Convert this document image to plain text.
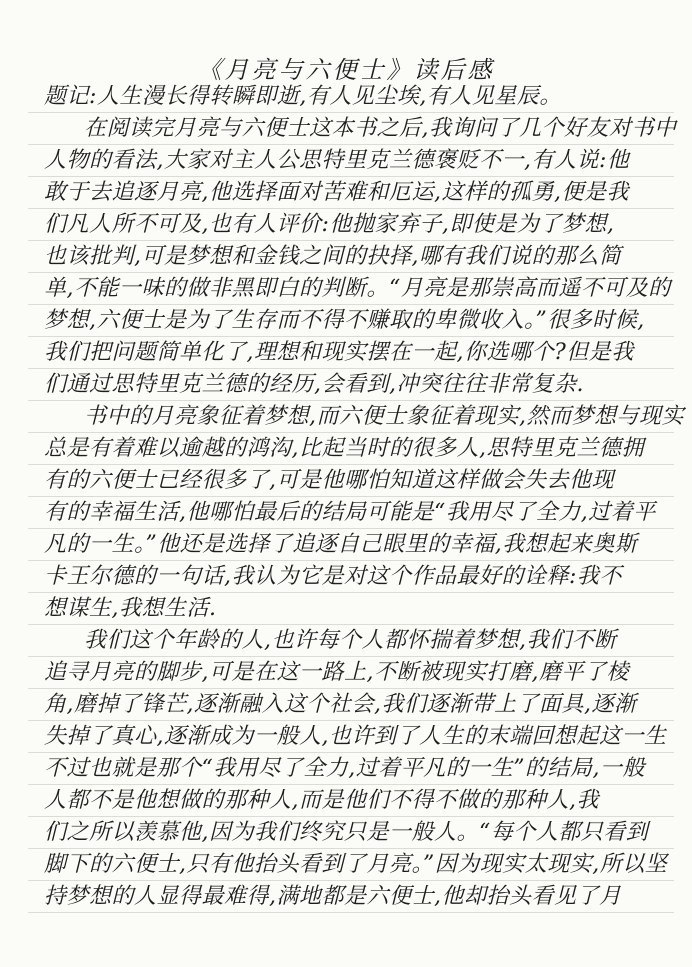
《月亮与六便士》读后感
题记:人生漫长得转瞬即逝,有人见尘埃,有人见星辰。
在阅读完月亮与六便士这本书之后,我询问了几个好友对书中
人物的看法,大家对主人公思特里克兰德褒贬不一,有人说:他
敢于去追逐月亮,他选择面对苦难和厄运,这样的孤勇,便是我
们凡人所不可及,也有人评价:他抛家弃子,即使是为了梦想,
也该批判,可是梦想和金钱之间的抉择,哪有我们说的那么简
单,不能一味的做非黑即白的判断。“月亮是那崇高而遥不可及的
梦想,六便士是为了生存而不得不赚取的卑微收入。”很多时候,
我们把问题简单化了,理想和现实摆在一起,你选哪个?但是我
们通过思特里克兰德的经历,会看到,冲突往往非常复杂.
书中的月亮象征着梦想,而六便士象征着现实,然而梦想与现实
总是有着难以逾越的鸿沟,比起当时的很多人,思特里克兰德拥
有的六便士已经很多了,可是他哪怕知道这样做会失去他现
有的幸福生活,他哪怕最后的结局可能是“我用尽了全力,过着平
凡的一生。”他还是选择了追逐自己眼里的幸福,我想起来奥斯
卡王尔德的一句话,我认为它是对这个作品最好的诠释:我不
想谋生,我想生活.
我们这个年龄的人,也许每个人都怀揣着梦想,我们不断
追寻月亮的脚步,可是在这一路上,不断被现实打磨,磨平了棱
角,磨掉了锋芒,逐渐融入这个社会,我们逐渐带上了面具,逐渐
失掉了真心,逐渐成为一般人,也许到了人生的末端回想起这一生
不过也就是那个“我用尽了全力,过着平凡的一生”的结局,一般
人都不是他想做的那种人,而是他们不得不做的那种人,我
们之所以羡慕他,因为我们终究只是一般人。“每个人都只看到
脚下的六便士,只有他抬头看到了月亮。”因为现实太现实,所以坚
持梦想的人显得最难得,满地都是六便士,他却抬头看见了月
